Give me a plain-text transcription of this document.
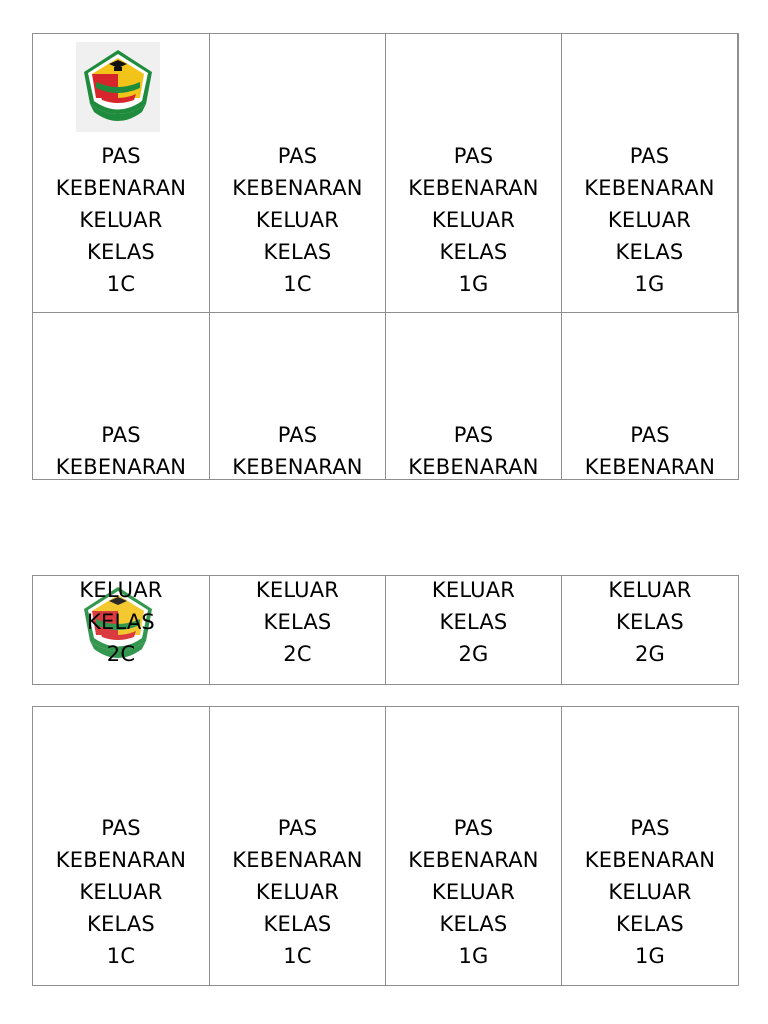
PAS
KEBENARAN
KELUAR
KELAS
1C
PAS
KEBENARAN
KELUAR
KELAS
1C
PAS
KEBENARAN
KELUAR
KELAS
1G
PAS
KEBENARAN
KELUAR
KELAS
1G
PAS
KEBENARAN
PAS
KEBENARAN
PAS
KEBENARAN
PAS
KEBENARAN
KELUAR
KELAS
2C
KELUAR
KELAS
2C
KELUAR
KELAS
2G
KELUAR
KELAS
2G
PAS
KEBENARAN
KELUAR
KELAS
1C
PAS
KEBENARAN
KELUAR
KELAS
1C
PAS
KEBENARAN
KELUAR
KELAS
1G
PAS
KEBENARAN
KELUAR
KELAS
1G
